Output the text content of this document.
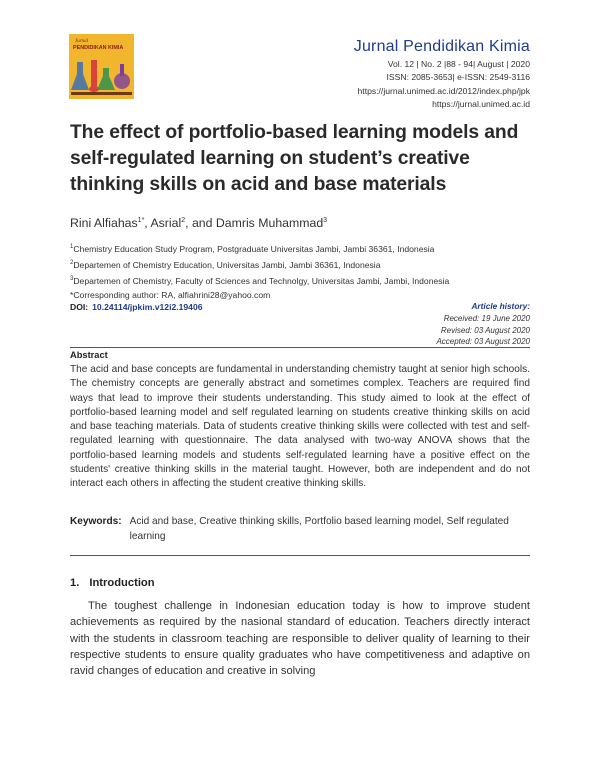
Jurnal
PENDIDIKAN KIMIA	Jurnal Pendidikan Kimia
Vol. 12 | No. 2 |88 - 94| August | 2020
ISSN: 2085-3653| e-ISSN: 2549-3116
https://jurnal.unimed.ac.id/2012/index.php/jpk
https://jurnal.unimed.ac.id
The effect of portfolio-based learning models and self-regulated learning on student’s creative thinking skills on acid and base materials
Rini Alfiahas$^{1*}$, Asrial$^2$, and Damris Muhammad$^3$
$^1$Chemistry Education Study Program, Postgraduate Universitas Jambi, Jambi 36361, Indonesia
$^2$Departemen of Chemistry Education, Universitas Jambi, Jambi 36361, Indonesia
$^3$Departemen of Chemistry, Faculty of Sciences and Technolgy, Universitas Jambi, Jambi, Indonesia
*Corresponding author: RA, alfiahrini28@yahoo.com
DOI: 10.24114/jpkim.v12i2.19406	Article history:
Received: 19 June 2020
Revised: 03 August 2020
Accepted: 03 August 2020
Abstract
The acid and base concepts are fundamental in understanding chemistry taught at senior high schools. The chemistry concepts are generally abstract and sometimes complex. Teachers are required find ways that lead to improve their students understanding. This study aimed to look at the effect of portfolio-based learning model and self regulated learning on students creative thinking skills on acid and base teaching materials. Data of students creative thinking skills were collected with test and self-regulated learning with questionnaire. The data analysed with two-way ANOVA shows that the portfolio-based learning models and students self-regulated learning have a positive effect on the students' creative thinking skills in the material taught. However, both are independent and do not interact each others in affecting the student creative thinking skills.
Keywords: Acid and base, Creative thinking skills, Portfolio based learning model, Self regulated learning
1. Introduction
The toughest challenge in Indonesian education today is how to improve student achievements as required by the nasional standard of education. Teachers directly interact with the students in classroom teaching are responsible to deliver quality of learning to their respective students to ensure quality graduates who have competitiveness and adaptive on ravid changes of education and creative in solving
